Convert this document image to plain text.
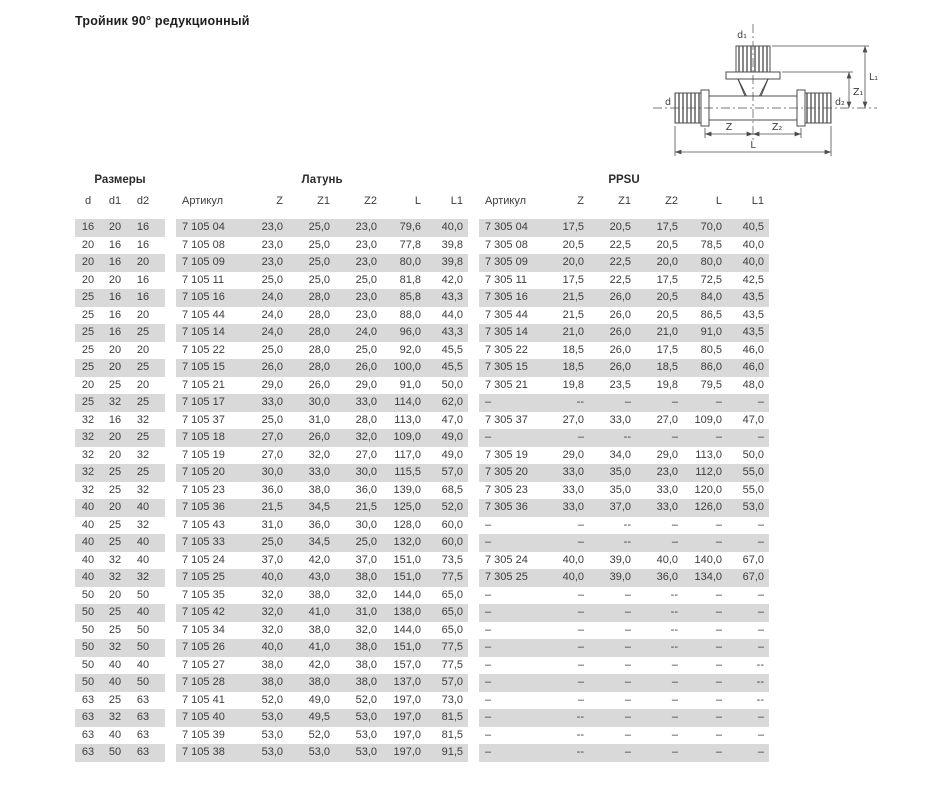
Тройник 90° редукционный
d₁
d	d₂
Z	Z₂
L
L₁
Z₁
Размеры	Латунь	PPSU
d	d1	d2	Артикул	Z	Z1	Z2	L	L1	Артикул	Z	Z1	Z2	L	L1
16	20	16	7 105 04	23,0	25,0	23,0	79,6	40,0	7 305 04	17,5	20,5	17,5	70,0	40,5
20	16	16	7 105 08	23,0	25,0	23,0	77,8	39,8	7 305 08	20,5	22,5	20,5	78,5	40,0
20	16	20	7 105 09	23,0	25,0	23,0	80,0	39,8	7 305 09	20,0	22,5	20,0	80,0	40,0
20	20	16	7 105 11	25,0	25,0	25,0	81,8	42,0	7 305 11	17,5	22,5	17,5	72,5	42,5
25	16	16	7 105 16	24,0	28,0	23,0	85,8	43,3	7 305 16	21,5	26,0	20,5	84,0	43,5
25	16	20	7 105 44	24,0	28,0	23,0	88,0	44,0	7 305 44	21,5	26,0	20,5	86,5	43,5
25	16	25	7 105 14	24,0	28,0	24,0	96,0	43,3	7 305 14	21,0	26,0	21,0	91,0	43,5
25	20	20	7 105 22	25,0	28,0	25,0	92,0	45,5	7 305 22	18,5	26,0	17,5	80,5	46,0
25	20	25	7 105 15	26,0	28,0	26,0	100,0	45,5	7 305 15	18,5	26,0	18,5	86,0	46,0
20	25	20	7 105 21	29,0	26,0	29,0	91,0	50,0	7 305 21	19,8	23,5	19,8	79,5	48,0
25	32	25	7 105 17	33,0	30,0	33,0	114,0	62,0	–	--	–	–	–	–
32	16	32	7 105 37	25,0	31,0	28,0	113,0	47,0	7 305 37	27,0	33,0	27,0	109,0	47,0
32	20	25	7 105 18	27,0	26,0	32,0	109,0	49,0	–	–	--	–	–	–
32	20	32	7 105 19	27,0	32,0	27,0	117,0	49,0	7 305 19	29,0	34,0	29,0	113,0	50,0
32	25	25	7 105 20	30,0	33,0	30,0	115,5	57,0	7 305 20	33,0	35,0	23,0	112,0	55,0
32	25	32	7 105 23	36,0	38,0	36,0	139,0	68,5	7 305 23	33,0	35,0	33,0	120,0	55,0
40	20	40	7 105 36	21,5	34,5	21,5	125,0	52,0	7 305 36	33,0	37,0	33,0	126,0	53,0
40	25	32	7 105 43	31,0	36,0	30,0	128,0	60,0	–	–	--	–	–	–
40	25	40	7 105 33	25,0	34,5	25,0	132,0	60,0	–	–	--	–	–	–
40	32	40	7 105 24	37,0	42,0	37,0	151,0	73,5	7 305 24	40,0	39,0	40,0	140,0	67,0
40	32	32	7 105 25	40,0	43,0	38,0	151,0	77,5	7 305 25	40,0	39,0	36,0	134,0	67,0
50	20	50	7 105 35	32,0	38,0	32,0	144,0	65,0	–	–	–	--	–	–
50	25	40	7 105 42	32,0	41,0	31,0	138,0	65,0	–	–	–	--	–	–
50	25	50	7 105 34	32,0	38,0	32,0	144,0	65,0	–	–	–	--	–	–
50	32	50	7 105 26	40,0	41,0	38,0	151,0	77,5	–	–	–	--	–	–
50	40	40	7 105 27	38,0	42,0	38,0	157,0	77,5	–	–	–	–	–	--
50	40	50	7 105 28	38,0	38,0	38,0	137,0	57,0	–	–	–	–	–	--
63	25	63	7 105 41	52,0	49,0	52,0	197,0	73,0	–	–	–	–	–	--
63	32	63	7 105 40	53,0	49,5	53,0	197,0	81,5	–	--	–	–	–	–
63	40	63	7 105 39	53,0	52,0	53,0	197,0	81,5	–	--	–	–	–	–
63	50	63	7 105 38	53,0	53,0	53,0	197,0	91,5	–	--	–	–	–	–
